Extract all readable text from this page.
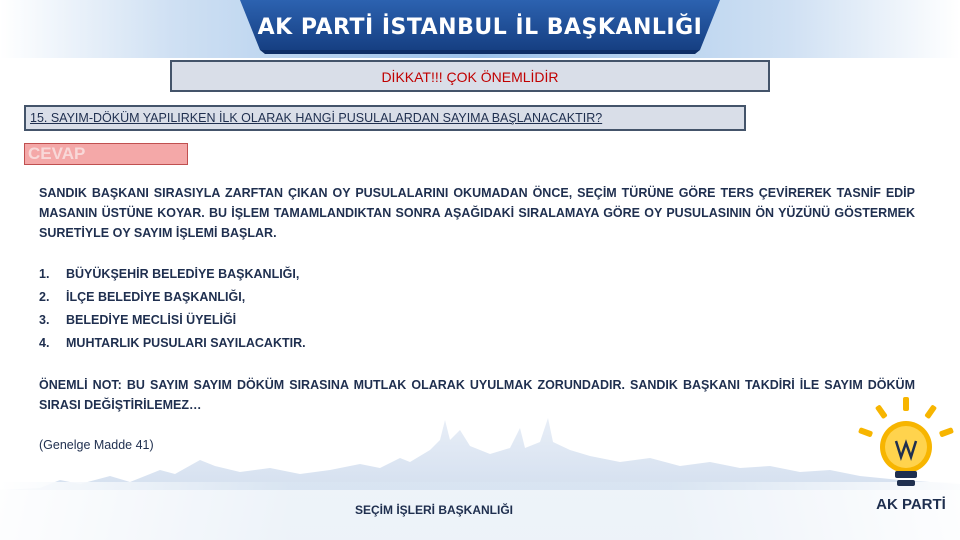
AK PARTİ İSTANBUL İL BAŞKANLIĞI
DİKKAT!!! ÇOK ÖNEMLİDİR
15. SAYIM-DÖKÜM YAPILIRKEN İLK OLARAK HANGİ PUSULALARDAN SAYIMA BAŞLANACAKTIR?
CEVAP

SANDIK BAŞKANI SIRASIYLA ZARFTAN ÇIKAN OY PUSULALARINI OKUMADAN ÖNCE, SEÇİM TÜRÜNE GÖRE TERS ÇEVİREREK TASNİF EDİP MASANIN ÜSTÜNE KOYAR. BU İŞLEM TAMAMLANDIKTAN SONRA AŞAĞIDAKİ SIRALAMAYA GÖRE OY PUSULASININ ÖN YÜZÜNÜ GÖSTERMEK SURETİYLE OY SAYIM İŞLEMİ BAŞLAR.

1.	BÜYÜKŞEHİR BELEDİYE BAŞKANLIĞI,
2.	İLÇE BELEDİYE BAŞKANLIĞI,
3.	BELEDİYE MECLİSİ ÜYELİĞİ
4.	MUHTARLIK PUSULARI SAYILACAKTIR.

ÖNEMLİ NOT: BU SAYIM SAYIM DÖKÜM SIRASINA MUTLAK OLARAK UYULMAK ZORUNDADIR. SANDIK BAŞKANI TAKDİRİ İLE SAYIM DÖKÜM SIRASI DEĞİŞTİRİLEMEZ…

(Genelge Madde 41)

SEÇİM İŞLERİ BAŞKANLIĞI	AK PARTİ
